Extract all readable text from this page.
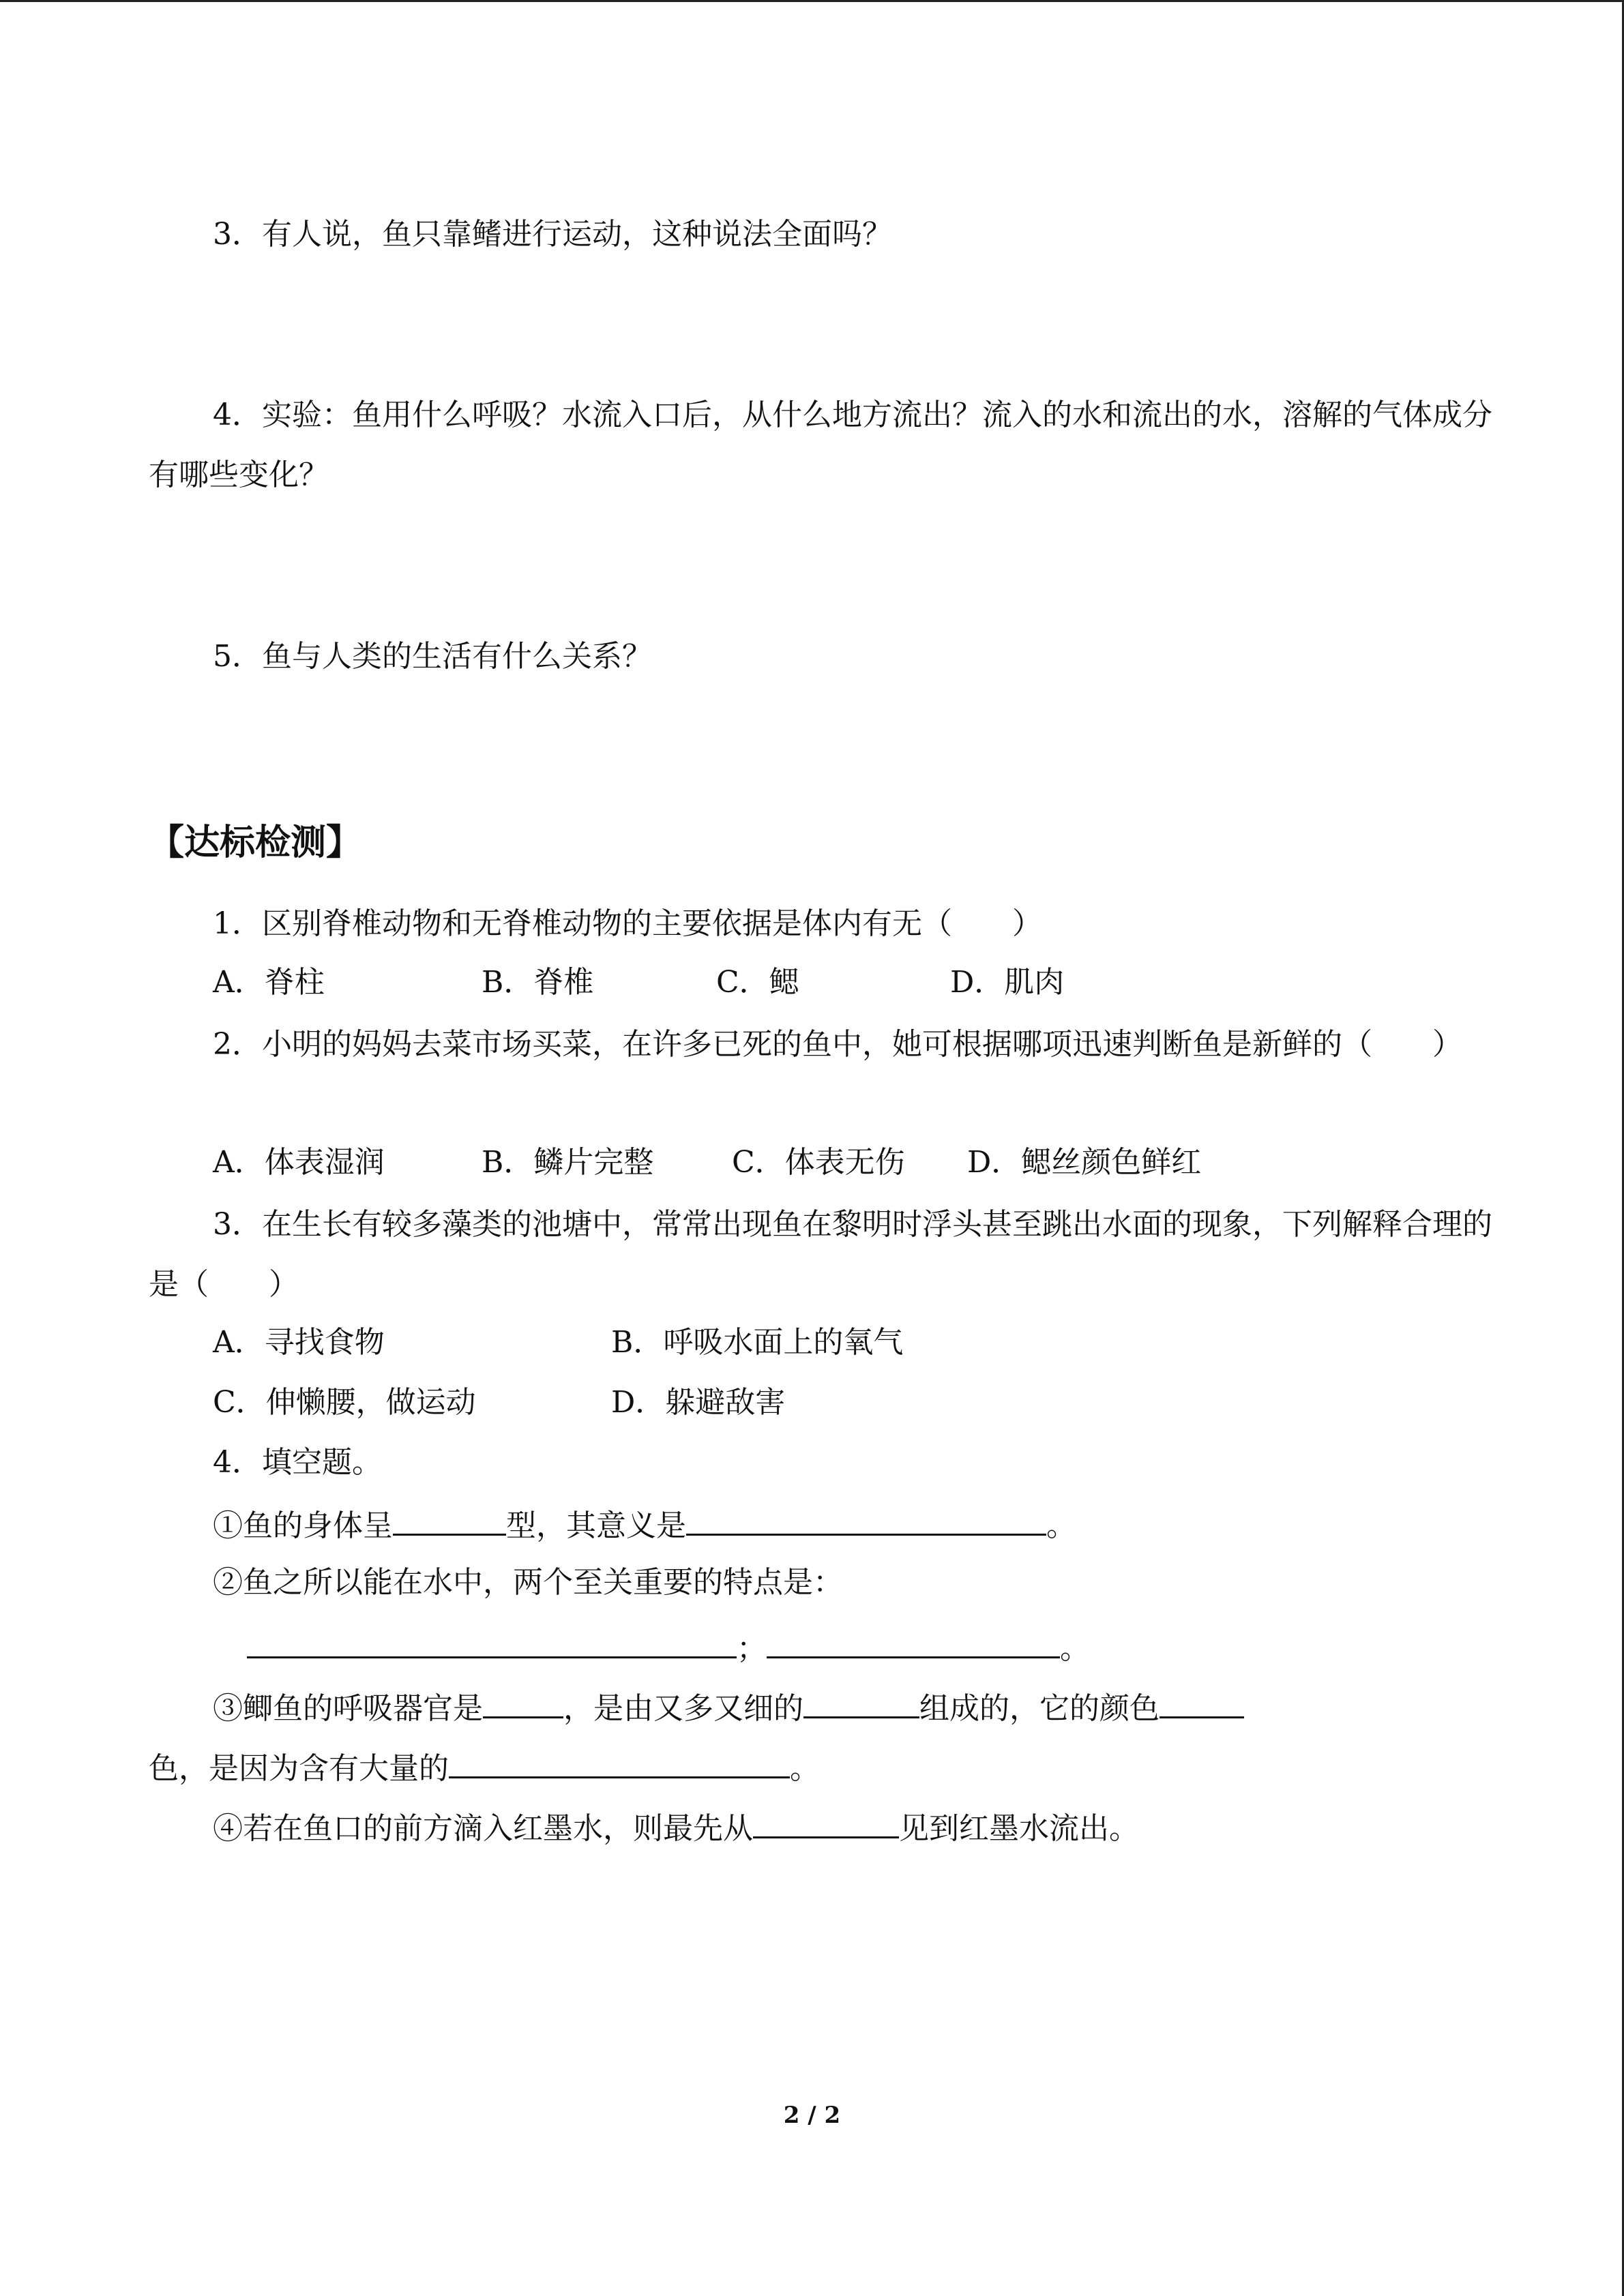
3．有人说，鱼只靠鳍进行运动，这种说法全面吗？
4．实验：鱼用什么呼吸？水流入口后，从什么地方流出？流入的水和流出的水，溶解的气体成分有哪些变化？
5．鱼与人类的生活有什么关系？
【达标检测】
1．区别脊椎动物和无脊椎动物的主要依据是体内有无（　　）
A．脊柱	B．脊椎	C．鳃	D．肌肉
2．小明的妈妈去菜市场买菜，在许多已死的鱼中，她可根据哪项迅速判断鱼是新鲜的（　　）
A．体表湿润	B．鳞片完整	C．体表无伤 D．鳃丝颜色鲜红
3．在生长有较多藻类的池塘中，常常出现鱼在黎明时浮头甚至跳出水面的现象，下列解释合理的是（　　）
A．寻找食物	B．呼吸水面上的氧气
C．伸懒腰，做运动	D．躲避敌害
4．填空题。
①鱼的身体呈	型，其意义是	。
②鱼之所以能在水中，两个至关重要的特点是：
；	。
③鲫鱼的呼吸器官是	，是由又多又细的	组成的，它的颜色
色，是因为含有大量的	。
④若在鱼口的前方滴入红墨水，则最先从	见到红墨水流出。
2 / 2
